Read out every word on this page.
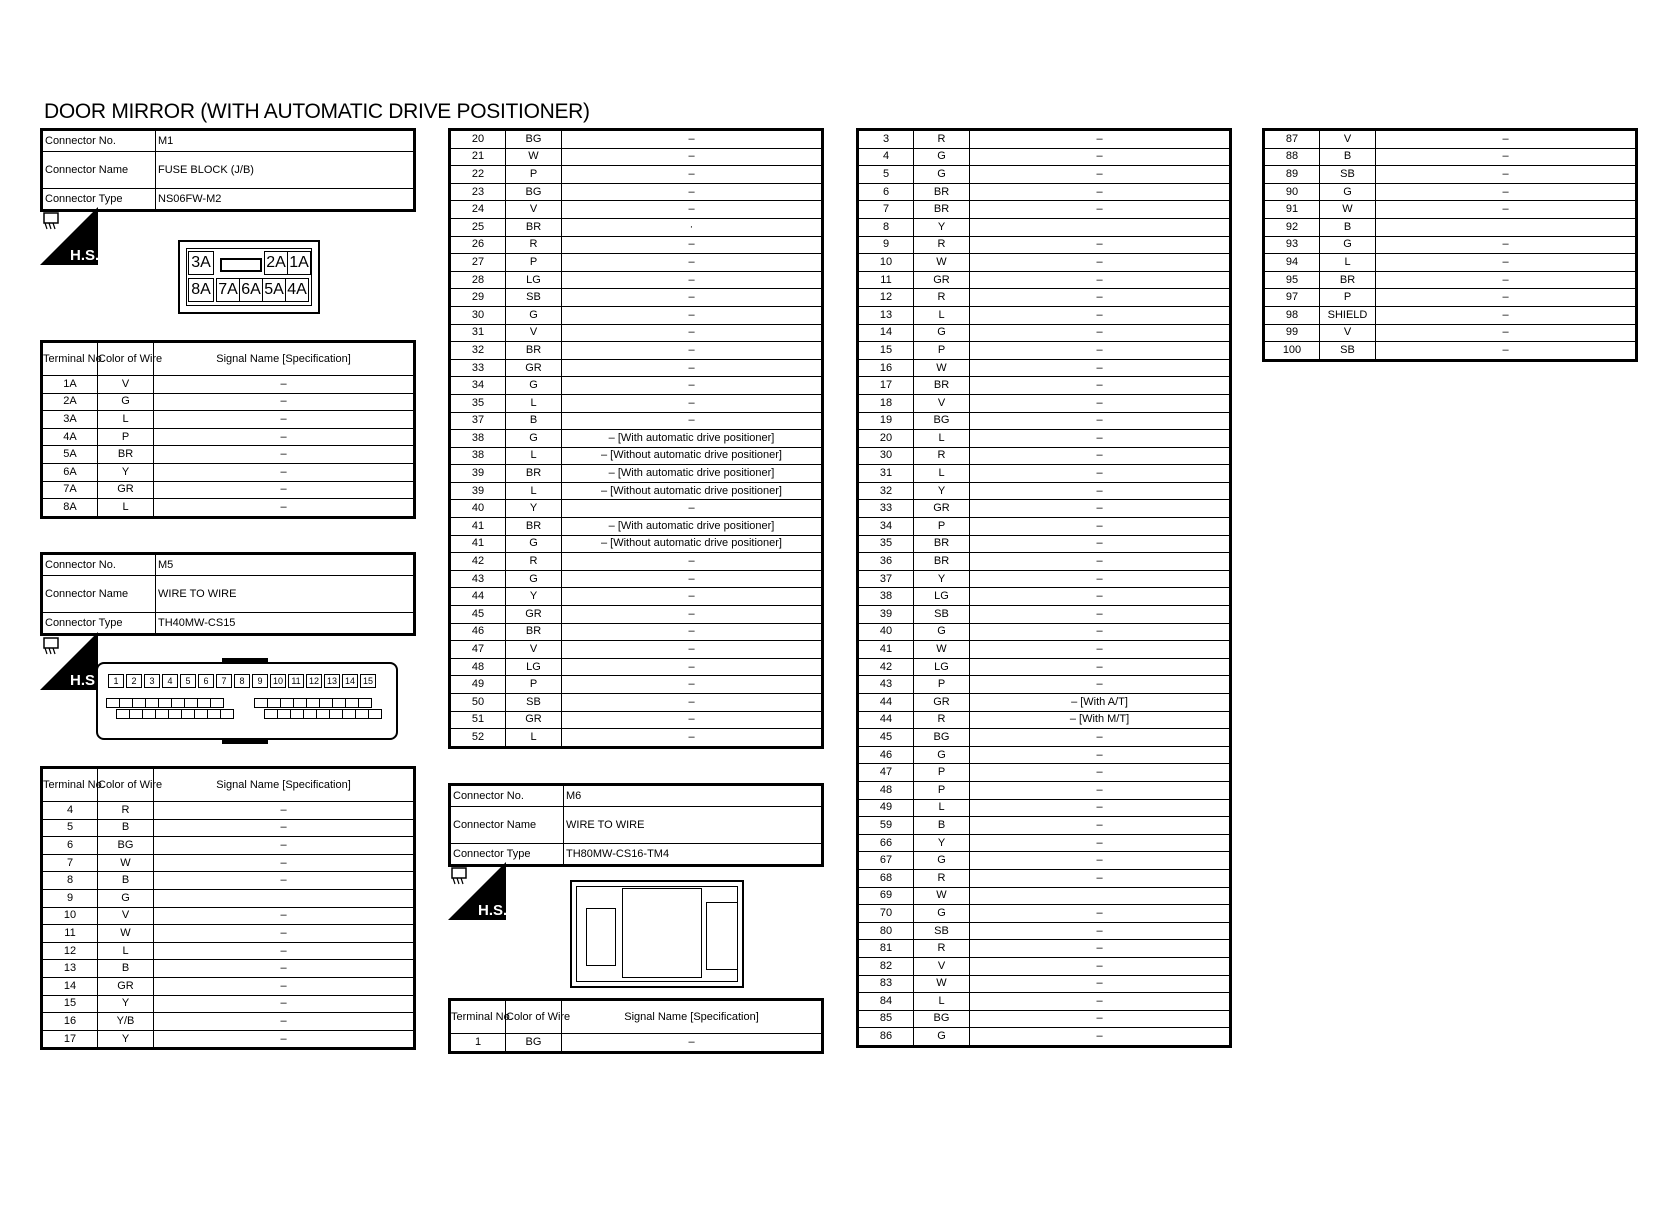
DOOR MIRROR (WITH AUTOMATIC DRIVE POSITIONER)
Connector No.	M1
Connector Name	FUSE BLOCK (J/B)
Connector Type	NS06FW-M2
H.S.	3A	2A 1A
8A 7A 6A 5A 4A
Terminal No.	Color of Wire	Signal Name [Specification]
1A	V	–
2A	G	–
3A	L	–
4A	P	–
5A	BR	–
6A	Y	–
7A	GR	–
8A	L	–
Connector No.	M5
Connector Name	WIRE TO WIRE
Connector Type	TH40MW-CS15
H.S.	1	2	3	4	5	6	7	8	9	10 11 12 13 14 15
Terminal No.	Color of Wire	Signal Name [Specification]
4	R	–
5	B	–
6	BG	–
7	W	–
8	B	–
9	G	
10	V	–
11	W	–
12	L	–
13	B	–
14	GR	–
15	Y	–
16	Y/B	–
17	Y	–
20	BG	–
21	W	–
22	P	–
23	BG	–
24	V	–
25	BR	·
26	R	–
27	P	–
28	LG	–
29	SB	–
30	G	–
31	V	–
32	BR	–
33	GR	–
34	G	–
35	L	–
37	B	–
38	G	– [With automatic drive positioner]
38	L	– [Without automatic drive positioner]
39	BR	– [With automatic drive positioner]
39	L	– [Without automatic drive positioner]
40	Y	–
41	BR	– [With automatic drive positioner]
41	G	– [Without automatic drive positioner]
42	R	–
43	G	–
44	Y	–
45	GR	–
46	BR	–
47	V	–
48	LG	–
49	P	–
50	SB	–
51	GR	–
52	L	–
Connector No.	M6
Connector Name	WIRE TO WIRE
Connector Type	TH80MW-CS16-TM4
H.S.
Terminal No.	Color of Wire	Signal Name [Specification]
1	BG	–
3	R	–
4	G	–
5	G	–
6	BR	–
7	BR	–
8	Y	
9	R	–
10	W	–
11	GR	–
12	R	–
13	L	–
14	G	–
15	P	–
16	W	–
17	BR	–
18	V	–
19	BG	–
20	L	–
30	R	–
31	L	–
32	Y	–
33	GR	–
34	P	–
35	BR	–
36	BR	–
37	Y	–
38	LG	–
39	SB	–
40	G	–
41	W	–
42	LG	–
43	P	–
44	GR	– [With A/T]
44	R	– [With M/T]
45	BG	–
46	G	–
47	P	–
48	P	–
49	L	–
59	B	–
66	Y	–
67	G	–
68	R	–
69	W	
70	G	–
80	SB	–
81	R	–
82	V	–
83	W	–
84	L	–
85	BG	–
86	G	–
87	V	–
88	B	–
89	SB	–
90	G	–
91	W	–
92	B	
93	G	–
94	L	–
95	BR	–
97	P	–
98	SHIELD	–
99	V	–
100	SB	–
